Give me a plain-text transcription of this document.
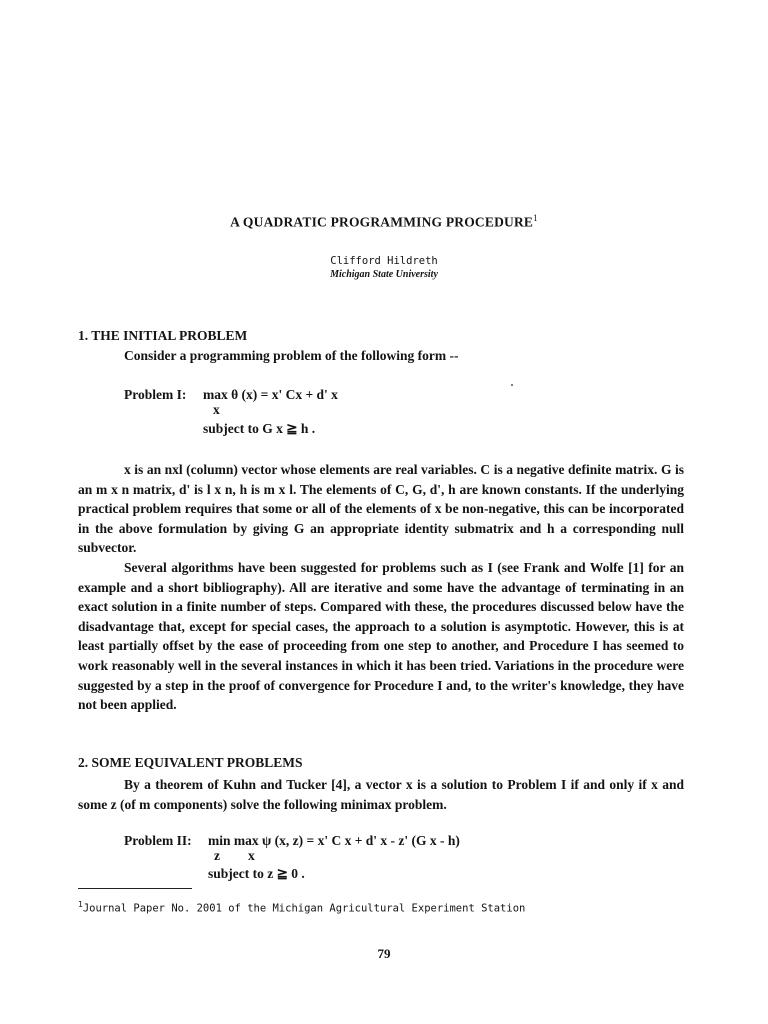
A QUADRATIC PROGRAMMING PROCEDURE$^1$
Clifford Hildreth
Michigan State University
1. THE INITIAL PROBLEM
Consider a programming problem of the following form --
Problem I: max θ (x) = x' Cx + d' x
x
subject to G x ≧ h .
x is an nxl (column) vector whose elements are real variables. C is a negative definite matrix. G is an m x n matrix, d' is l x n, h is m x l. The elements of C, G, d', h are known constants. If the underlying practical problem requires that some or all of the elements of x be non-negative, this can be incorporated in the above formulation by giving G an appropriate identity submatrix and h a corresponding null subvector.
Several algorithms have been suggested for problems such as I (see Frank and Wolfe [1] for an example and a short bibliography). All are iterative and some have the advantage of terminating in an exact solution in a finite number of steps. Compared with these, the procedures discussed below have the disadvantage that, except for special cases, the approach to a solution is asymptotic. However, this is at least partially offset by the ease of proceeding from one step to another, and Procedure I has seemed to work reasonably well in the several instances in which it has been tried. Variations in the procedure were suggested by a step in the proof of convergence for Procedure I and, to the writer's knowledge, they have not been applied.
2. SOME EQUIVALENT PROBLEMS
By a theorem of Kuhn and Tucker [4], a vector x is a solution to Problem I if and only if x and some z (of m components) solve the following minimax problem.
Problem II: min max ψ (x, z) = x' C x + d' x - z' (G x - h)
z x
subject to z ≧ 0 .
$^1$Journal Paper No. 2001 of the Michigan Agricultural Experiment Station
79
